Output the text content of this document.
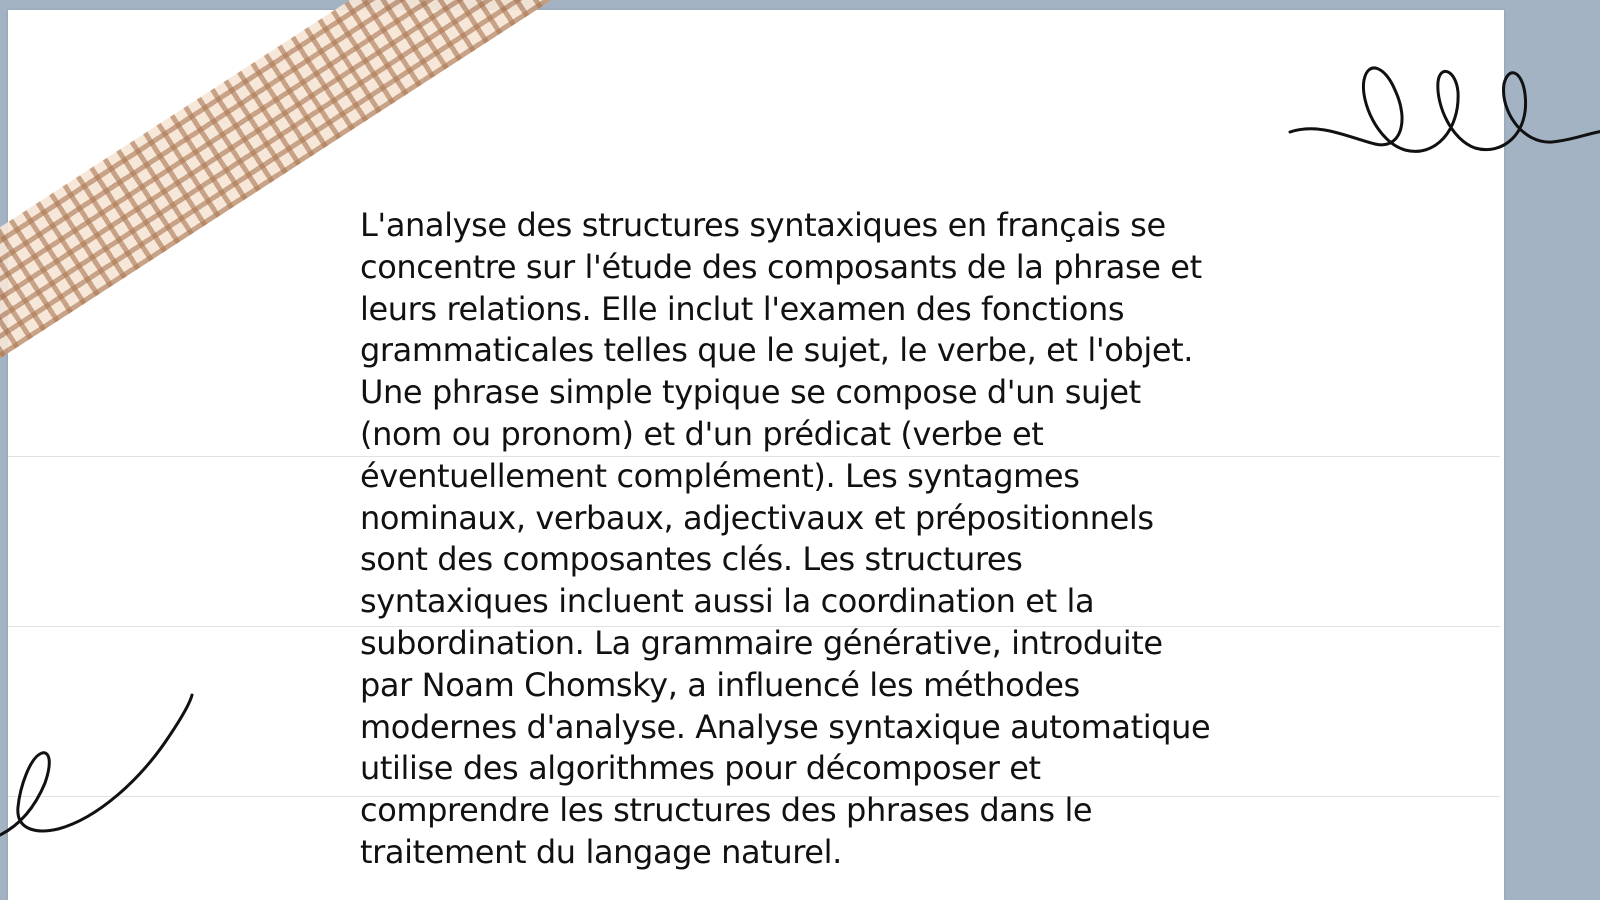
L'analyse des structures syntaxiques en français se
concentre sur l'étude des composants de la phrase et
leurs relations. Elle inclut l'examen des fonctions
grammaticales telles que le sujet, le verbe, et l'objet.
Une phrase simple typique se compose d'un sujet
(nom ou pronom) et d'un prédicat (verbe et
éventuellement complément). Les syntagmes
nominaux, verbaux, adjectivaux et prépositionnels
sont des composantes clés. Les structures
syntaxiques incluent aussi la coordination et la
subordination. La grammaire générative, introduite
par Noam Chomsky, a influencé les méthodes
modernes d'analyse. Analyse syntaxique automatique
utilise des algorithmes pour décomposer et
comprendre les structures des phrases dans le
traitement du langage naturel.
